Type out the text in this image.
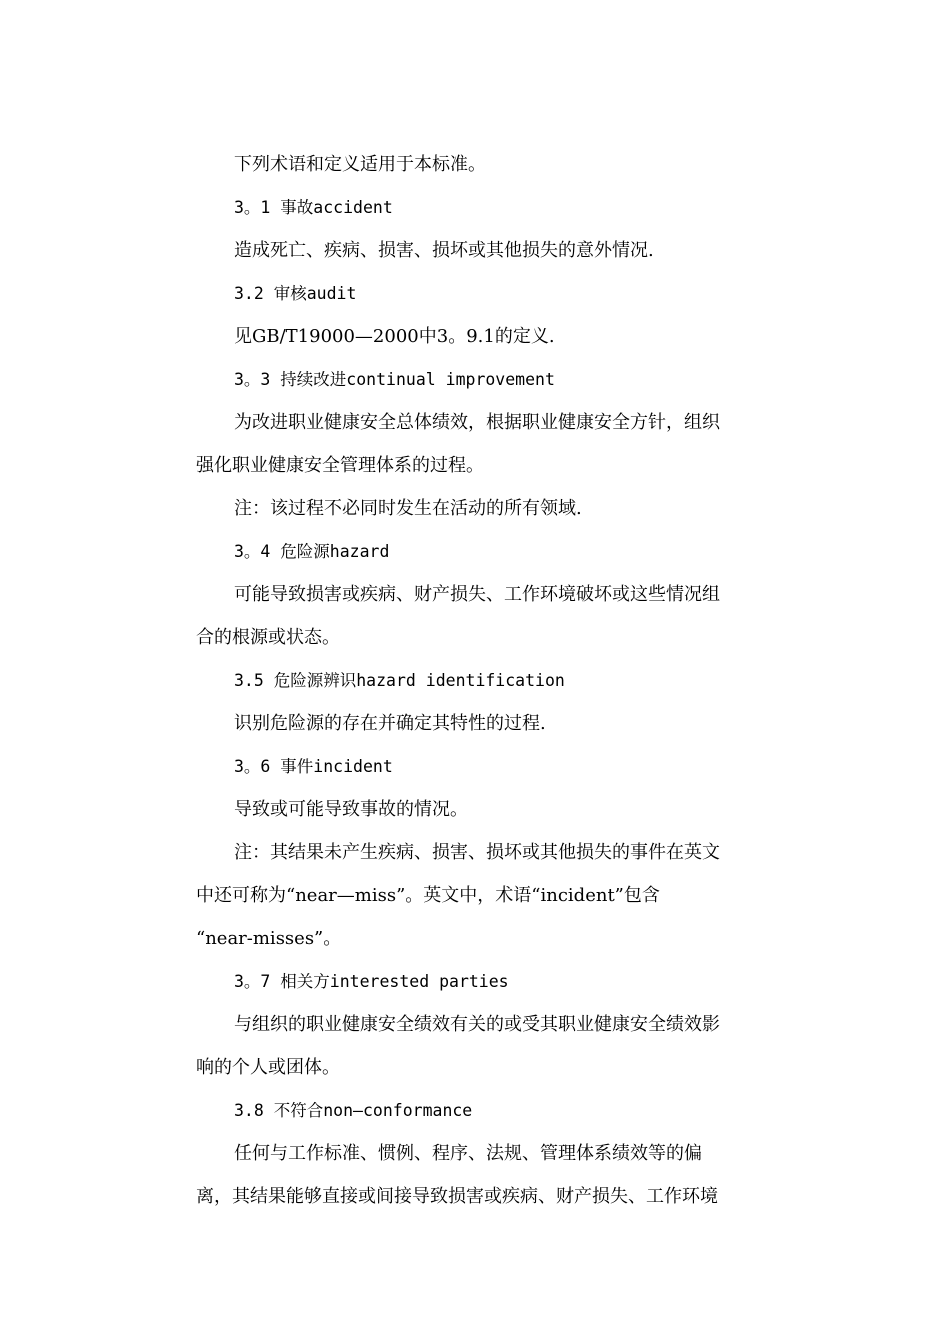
下列术语和定义适用于本标准。
3。1 事故accident
造成死亡、疾病、损害、损坏或其他损失的意外情况.
3.2 审核audit
见GB/T19000—2000中3。9.1的定义.
3。3 持续改进continual improvement
为改进职业健康安全总体绩效，根据职业健康安全方针，组织
强化职业健康安全管理体系的过程。
注：该过程不必同时发生在活动的所有领域.
3。4 危险源hazard
可能导致损害或疾病、财产损失、工作环境破坏或这些情况组
合的根源或状态。
3.5 危险源辨识hazard identification
识别危险源的存在并确定其特性的过程.
3。6 事件incident
导致或可能导致事故的情况。
注：其结果未产生疾病、损害、损坏或其他损失的事件在英文
中还可称为“near—miss”。英文中，术语“incident”包含
“near-misses”。
3。7 相关方interested parties
与组织的职业健康安全绩效有关的或受其职业健康安全绩效影
响的个人或团体。
3.8 不符合non—conformance
任何与工作标准、惯例、程序、法规、管理体系绩效等的偏
离，其结果能够直接或间接导致损害或疾病、财产损失、工作环境
